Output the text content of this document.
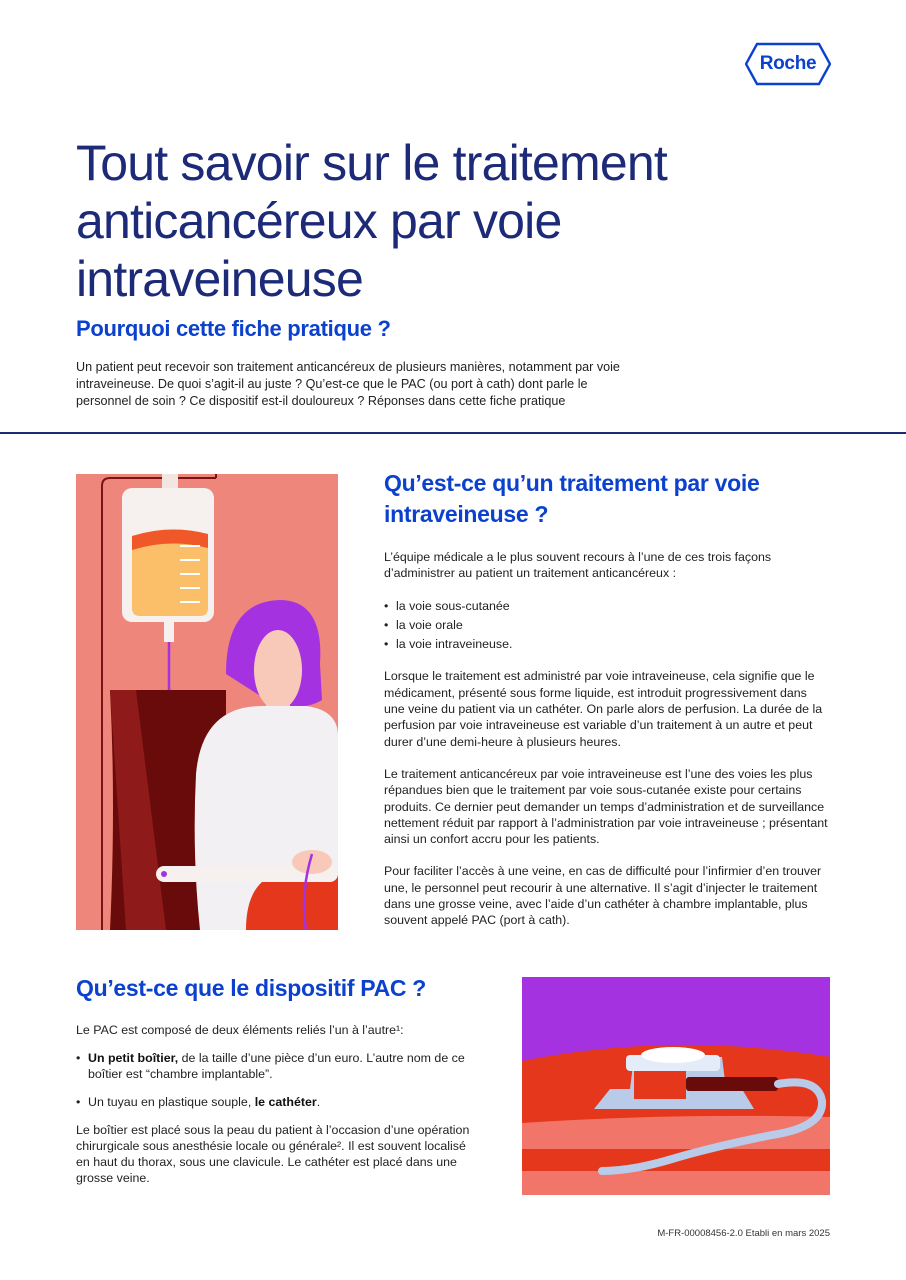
Roche
Tout savoir sur le traitement anticancéreux par voie intraveineuse
Pourquoi cette fiche pratique ?

Un patient peut recevoir son traitement anticancéreux de plusieurs manières, notamment par voie intraveineuse. De quoi s’agit-il au juste ? Qu’est-ce que le PAC (ou port à cath) dont parle le personnel de soin ? Ce dispositif est-il douloureux ? Réponses dans cette fiche pratique

Qu’est-ce qu’un traitement par voie intraveineuse ?

L’équipe médicale a le plus souvent recours à l’une de ces trois façons d’administrer au patient un traitement anticancéreux :

• la voie sous-cutanée
• la voie orale
• la voie intraveineuse.

Lorsque le traitement est administré par voie intraveineuse, cela signifie que le médicament, présenté sous forme liquide, est introduit progressivement dans une veine du patient via un cathéter. On parle alors de perfusion. La durée de la perfusion par voie intraveineuse est variable d’un traitement à un autre et peut durer d’une demi-heure à plusieurs heures.

Le traitement anticancéreux par voie intraveineuse est l’une des voies les plus répandues bien que le traitement par voie sous-cutanée existe pour certains produits. Ce dernier peut demander un temps d’administration et de surveillance nettement réduit par rapport à l’administration par voie intraveineuse ; présentant ainsi un confort accru pour les patients.

Pour faciliter l’accès à une veine, en cas de difficulté pour l’infirmier d’en trouver une, le personnel peut recourir à une alternative. Il s’agit d’injecter le traitement dans une grosse veine, avec l’aide d’un cathéter à chambre implantable, plus souvent appelé PAC (port à cath).

Qu’est-ce que le dispositif PAC ?

Le PAC est composé de deux éléments reliés l’un à l’autre¹:

• Un petit boîtier, de la taille d’une pièce d’un euro. L’autre nom de ce boîtier est “chambre implantable”.
• Un tuyau en plastique souple, le cathéter.

Le boîtier est placé sous la peau du patient à l’occasion d’une opération chirurgicale sous anesthésie locale ou générale². Il est souvent localisé en haut du thorax, sous une clavicule. Le cathéter est placé dans une grosse veine.

M-FR-00008456-2.0 Etabli en mars 2025
